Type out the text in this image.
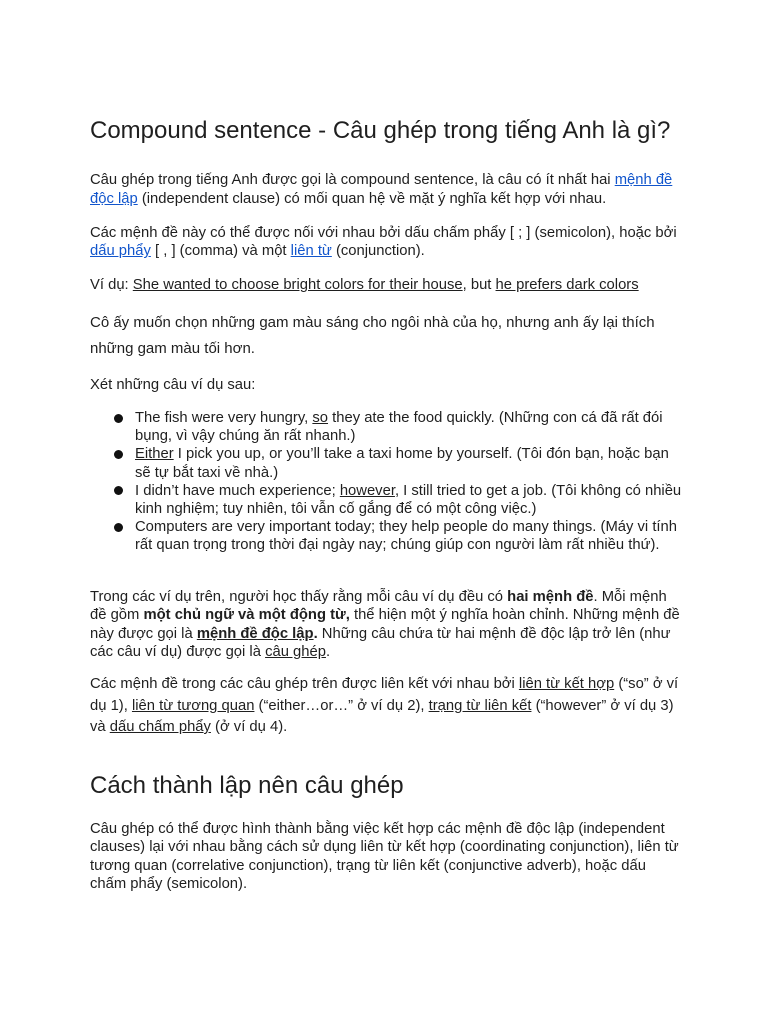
Compound sentence - Câu ghép trong tiếng Anh là gì?

Câu ghép trong tiếng Anh được gọi là compound sentence, là câu có ít nhất hai mệnh đề độc lập (independent clause) có mối quan hệ về mặt ý nghĩa kết hợp với nhau.

Các mệnh đề này có thể được nối với nhau bởi dấu chấm phẩy [ ; ] (semicolon), hoặc bởi dấu phẩy [ , ] (comma) và một liên từ (conjunction).

Ví dụ: She wanted to choose bright colors for their house, but he prefers dark colors

Cô ấy muốn chọn những gam màu sáng cho ngôi nhà của họ, nhưng anh ấy lại thích những gam màu tối hơn.

Xét những câu ví dụ sau:

The fish were very hungry, so they ate the food quickly. (Những con cá đã rất đói bụng, vì vậy chúng ăn rất nhanh.)
Either I pick you up, or you’ll take a taxi home by yourself. (Tôi đón bạn, hoặc bạn sẽ tự bắt taxi về nhà.)
I didn’t have much experience; however, I still tried to get a job. (Tôi không có nhiều kinh nghiệm; tuy nhiên, tôi vẫn cố gắng để có một công việc.)
Computers are very important today; they help people do many things. (Máy vi tính rất quan trọng trong thời đại ngày nay; chúng giúp con người làm rất nhiều thứ).

Trong các ví dụ trên, người học thấy rằng mỗi câu ví dụ đều có hai mệnh đề. Mỗi mệnh đề gồm một chủ ngữ và một động từ, thể hiện một ý nghĩa hoàn chỉnh. Những mệnh đề này được gọi là mệnh đề độc lập. Những câu chứa từ hai mệnh đề độc lập trở lên (như các câu ví dụ) được gọi là câu ghép.

Các mệnh đề trong các câu ghép trên được liên kết với nhau bởi liên từ kết hợp (“so” ở ví dụ 1), liên từ tương quan (“either…or…” ở ví dụ 2), trạng từ liên kết (“however” ở ví dụ 3) và dấu chấm phẩy (ở ví dụ 4).

Cách thành lập nên câu ghép

Câu ghép có thể được hình thành bằng việc kết hợp các mệnh đề độc lập (independent clauses) lại với nhau bằng cách sử dụng liên từ kết hợp (coordinating conjunction), liên từ tương quan (correlative conjunction), trạng từ liên kết (conjunctive adverb), hoặc dấu chấm phẩy (semicolon).
